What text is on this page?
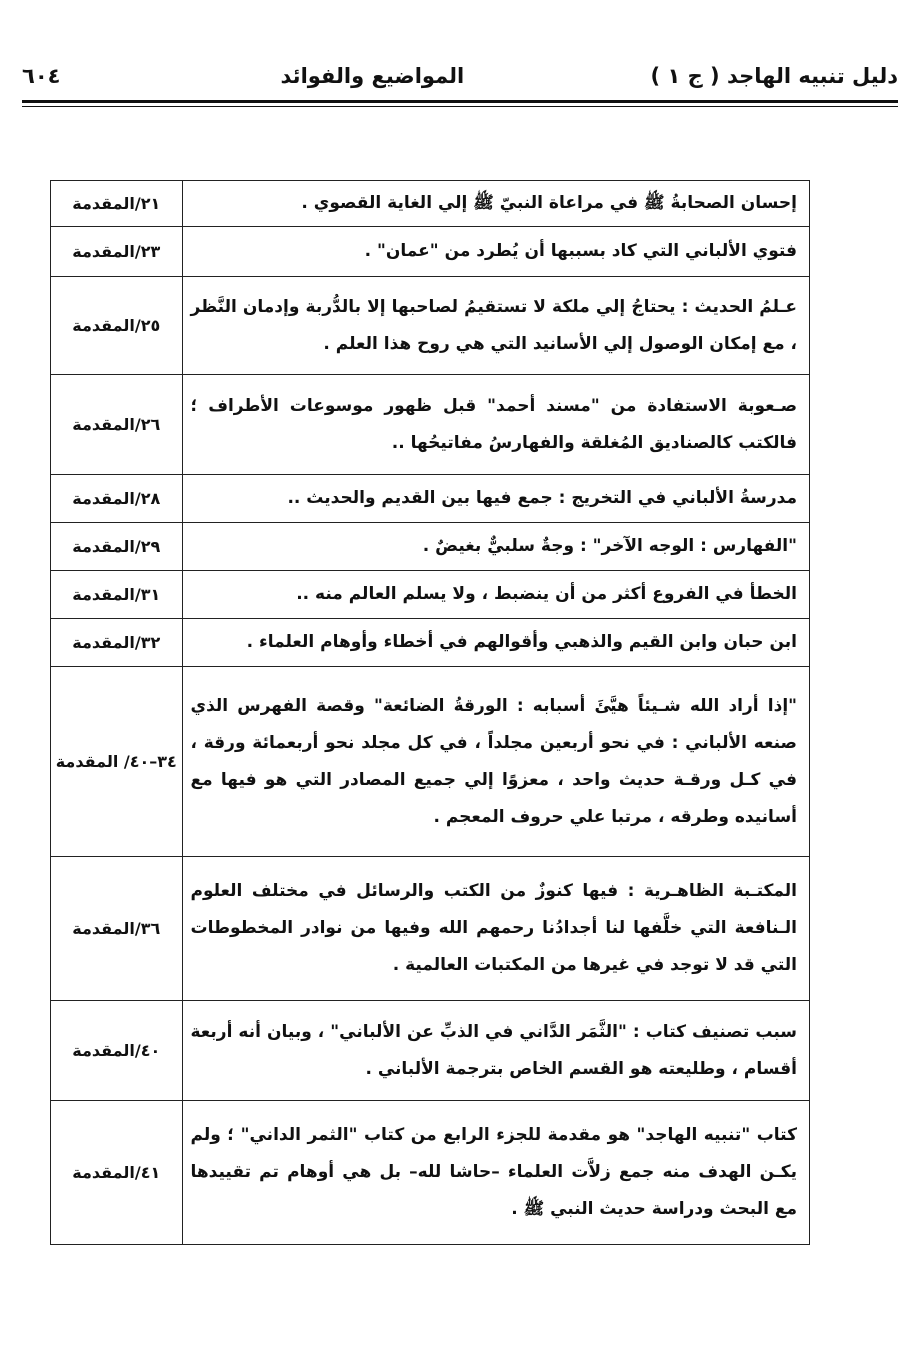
دليل تنبيه الهاجد ( ج ١ )
المواضيع والفوائد
٦٠٤
إحسان الصحابةُ ﷺ في مراعاة النبيّ ﷺ إلي الغاية القصوي .	٢١/المقدمة
فتوي الألباني التي كاد بسببها أن يُطرد من "عمان" .	٢٣/المقدمة
عـلمُ الحديث : يحتاجُ إلي ملكة لا تستقيمُ لصاحبها إلا بالدُّربة وإدمان النَّظر ، مع إمكان الوصول إلي الأسانيد التي هي روح هذا العلم .	٢٥/المقدمة
صـعوبة الاستفادة من "مسند أحمد" قبل ظهور موسوعات الأطراف ؛ فالكتب كالصناديق المُغلقة والفهارسُ مفاتيحُها ..	٢٦/المقدمة
مدرسةُ الألباني في التخريج : جمع فيها بين القديم والحديث ..	٢٨/المقدمة
"الفهارس : الوجه الآخر" : وجةٌ سلبيٌّ بغيضٌ .	٢٩/المقدمة
الخطأ في الفروع أكثر من أن ينضبط ، ولا يسلم العالم منه ..	٣١/المقدمة
ابن حبان وابن القيم والذهبي وأقوالهم في أخطاء وأوهام العلماء .	٣٢/المقدمة
"إذا أراد الله شـيئاً هيَّئَ أسبابه : الورقةُ الضائعة" وقصة الفهرس الذي صنعه الألباني : في نحو أربعين مجلداً ، في كل مجلد نحو أربعمائة ورقة ، في كـل ورقـة حديث واحد ، معزوًا إلي جميع المصادر التي هو فيها مع أسانيده وطرقه ، مرتبا علي حروف المعجم .	٣٤–٤٠/ المقدمة
المكتـبة الظاهـرية : فيها كنوزٌ من الكتب والرسائل في مختلف العلوم الـنافعة التي خلَّفها لنا أجدادُنا رحمهم الله وفيها من نوادر المخطوطات التي قد لا توجد في غيرها من المكتبات العالمية .	٣٦/المقدمة
سبب تصنيف كتاب : "الثَّمَر الدَّاني في الذبِّ عن الألباني" ، وبيان أنه أربعة أقسام ، وطليعته هو القسم الخاص بترجمة الألباني .	٤٠/المقدمة
كتاب "تنبيه الهاجد" هو مقدمة للجزء الرابع من كتاب "الثمر الداني" ؛ ولم يكـن الهدف منه جمع زلاَّت العلماء –حاشا لله– بل هي أوهام تم تقييدها مع البحث ودراسة حديث النبي ﷺ .	٤١/المقدمة
